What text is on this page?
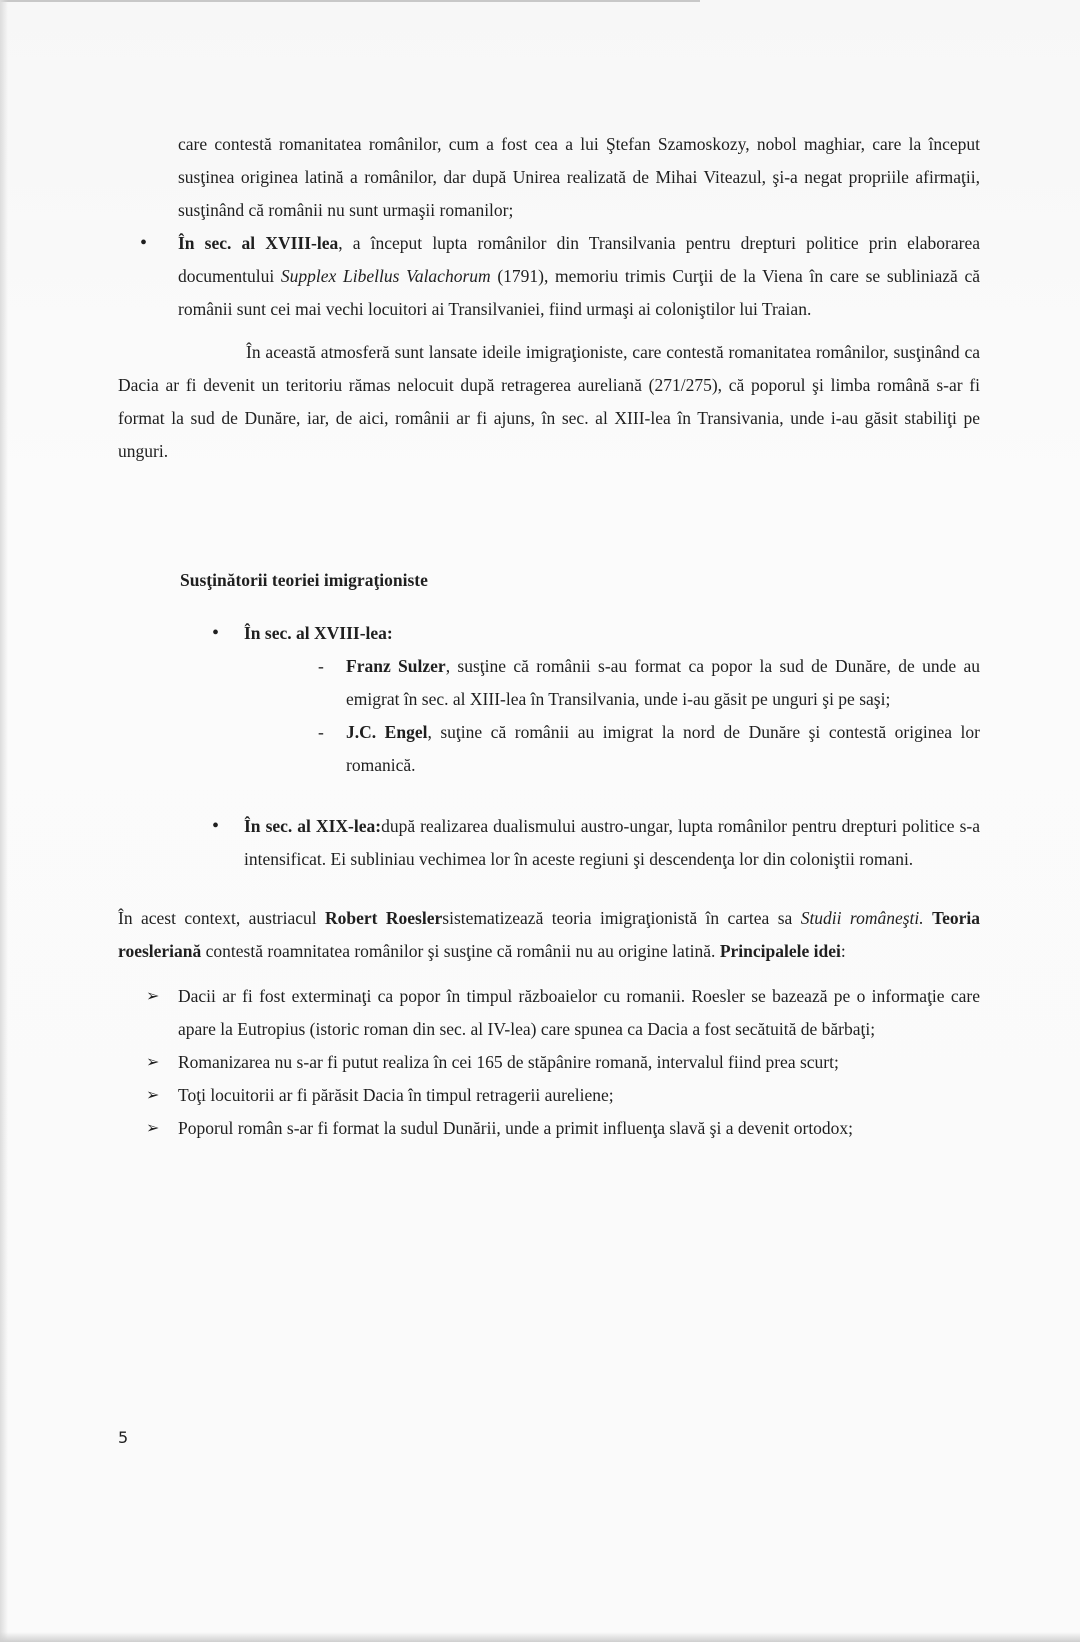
care contestă romanitatea românilor, cum a fost cea a lui Ştefan Szamoskozy, nobol maghiar, care la început susţinea originea latină a românilor, dar după Unirea realizată de Mihai Viteazul, şi-a negat propriile afirmaţii, susţinând că românii nu sunt urmaşii romanilor;

• În sec. al XVIII-lea, a început lupta românilor din Transilvania pentru drepturi politice prin elaborarea documentului Supplex Libellus Valachorum (1791), memoriu trimis Curţii de la Viena în care se subliniază că românii sunt cei mai vechi locuitori ai Transilvaniei, fiind urmaşi ai coloniştilor lui Traian.

În această atmosferă sunt lansate ideile imigraţioniste, care contestă romanitatea românilor, susţinând ca Dacia ar fi devenit un teritoriu rămas nelocuit după retragerea aureliană (271/275), că poporul şi limba română s-ar fi format la sud de Dunăre, iar, de aici, românii ar fi ajuns, în sec. al XIII-lea în Transivania, unde i-au găsit stabiliţi pe unguri.

Susţinătorii teoriei imigraţioniste
• În sec. al XVIII-lea:
- Franz Sulzer, susţine că românii s-au format ca popor la sud de Dunăre, de unde au emigrat în sec. al XIII-lea în Transilvania, unde i-au găsit pe unguri şi pe saşi;
- J.C. Engel, suţine că românii au imigrat la nord de Dunăre şi contestă originea lor romanică.
• În sec. al XIX-lea:după realizarea dualismului austro-ungar, lupta românilor pentru drepturi politice s-a intensificat. Ei subliniau vechimea lor în aceste regiuni şi descendenţa lor din coloniştii romani.

În acest context, austriacul Robert Roeslersistematizează teoria imigraţionistă în cartea sa Studii româneşti. Teoria roesleriană contestă roamnitatea românilor şi susţine că românii nu au origine latină. Principalele idei:

➢ Dacii ar fi fost exterminaţi ca popor în timpul războaielor cu romanii. Roesler se bazează pe o informaţie care apare la Eutropius (istoric roman din sec. al IV-lea) care spunea ca Dacia a fost secătuită de bărbaţi;
➢ Romanizarea nu s-ar fi putut realiza în cei 165 de stăpânire romană, intervalul fiind prea scurt;
➢ Toţi locuitorii ar fi părăsit Dacia în timpul retragerii aureliene;
➢ Poporul român s-ar fi format la sudul Dunării, unde a primit influenţa slavă şi a devenit ortodox;
5
